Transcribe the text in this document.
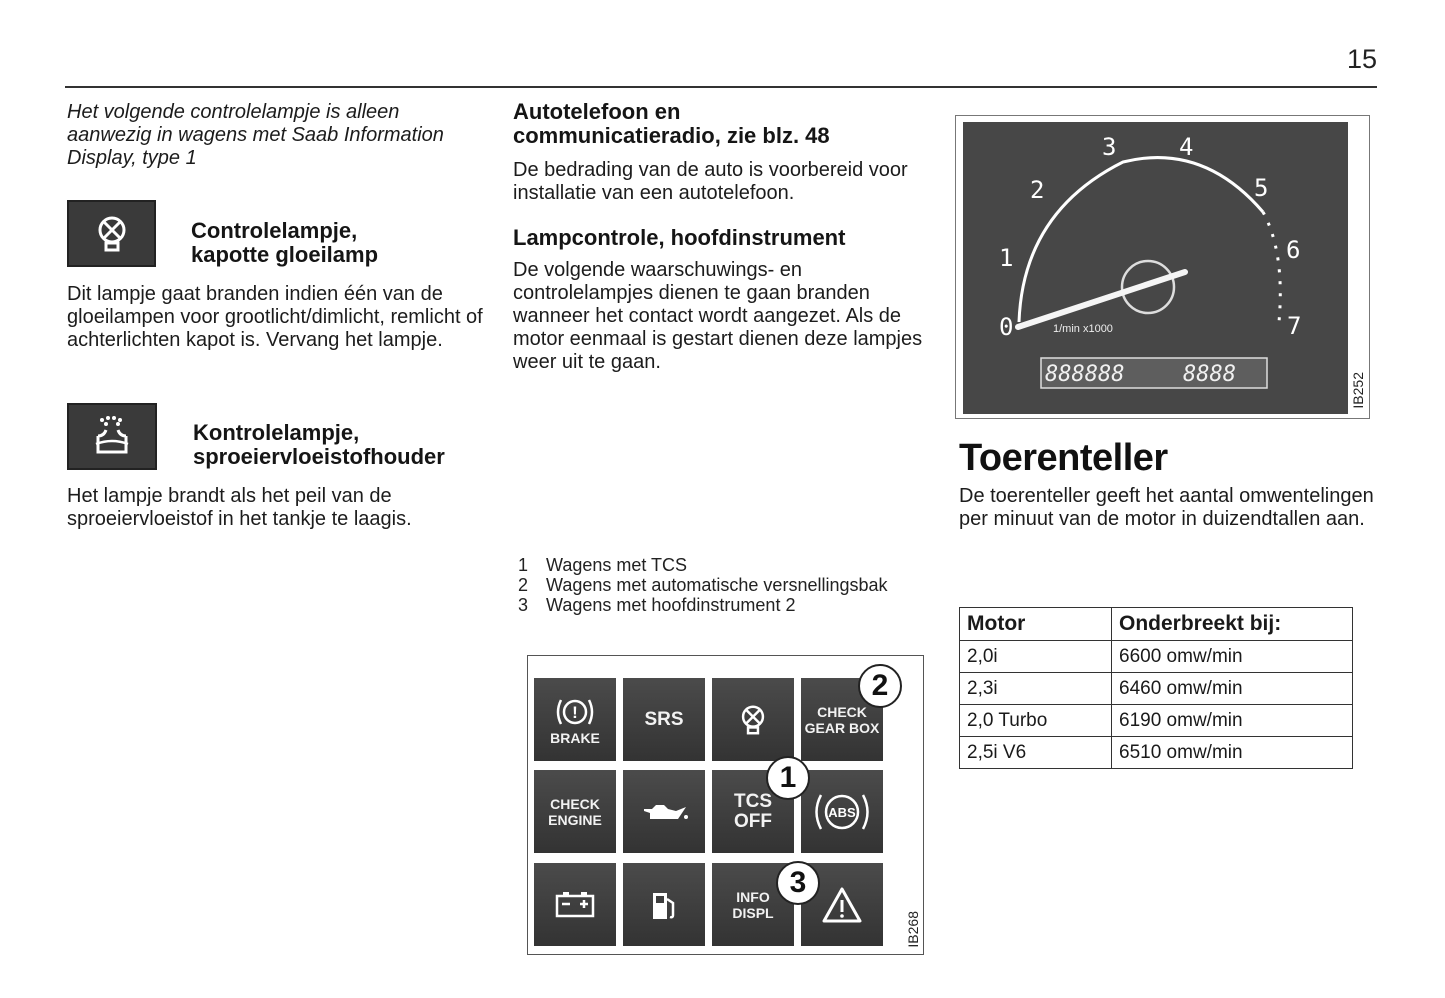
15
Het volgende controlelampje is alleen aanwezig in wagens met Saab Information Display, type 1
Controlelampje,
kapotte gloeilamp
Dit lampje gaat branden indien één van de gloeilampen voor grootlicht/dimlicht, remlicht of achterlichten kapot is. Vervang het lampje.
Kontrolelampje,
sproeiervloeistofhouder
Het lampje brandt als het peil van de sproeiervloeistof in het tankje te laagis.
Autotelefoon en
communicatieradio, zie blz. 48
De bedrading van de auto is voorbereid voor installatie van een autotelefoon.
Lampcontrole, hoofdinstrument
De volgende waarschuwings- en controlelampjes dienen te gaan branden wanneer het contact wordt aangezet. Als de motor eenmaal is gestart dienen deze lampjes weer uit te gaan.
1 Wagens met TCS
2 Wagens met automatische versnellingsbak
3 Wagens met hoofdinstrument 2
!
BRAKE
SRS	CHECK
GEAR BOX
CHECK
ENGINE
TCS
OFF	ABS
INFO
DISPL
1
2
3
IB268
0
1
2
3	4
5
6
7
1/min x1000
888888	8888	IB252
Toerenteller
De toerenteller geeft het aantal omwentelingen per minuut van de motor in duizendtallen aan.
Motor	Onderbreekt bij:
2,0i	6600 omw/min
2,3i	6460 omw/min
2,0 Turbo	6190 omw/min
2,5i V6	6510 omw/min
